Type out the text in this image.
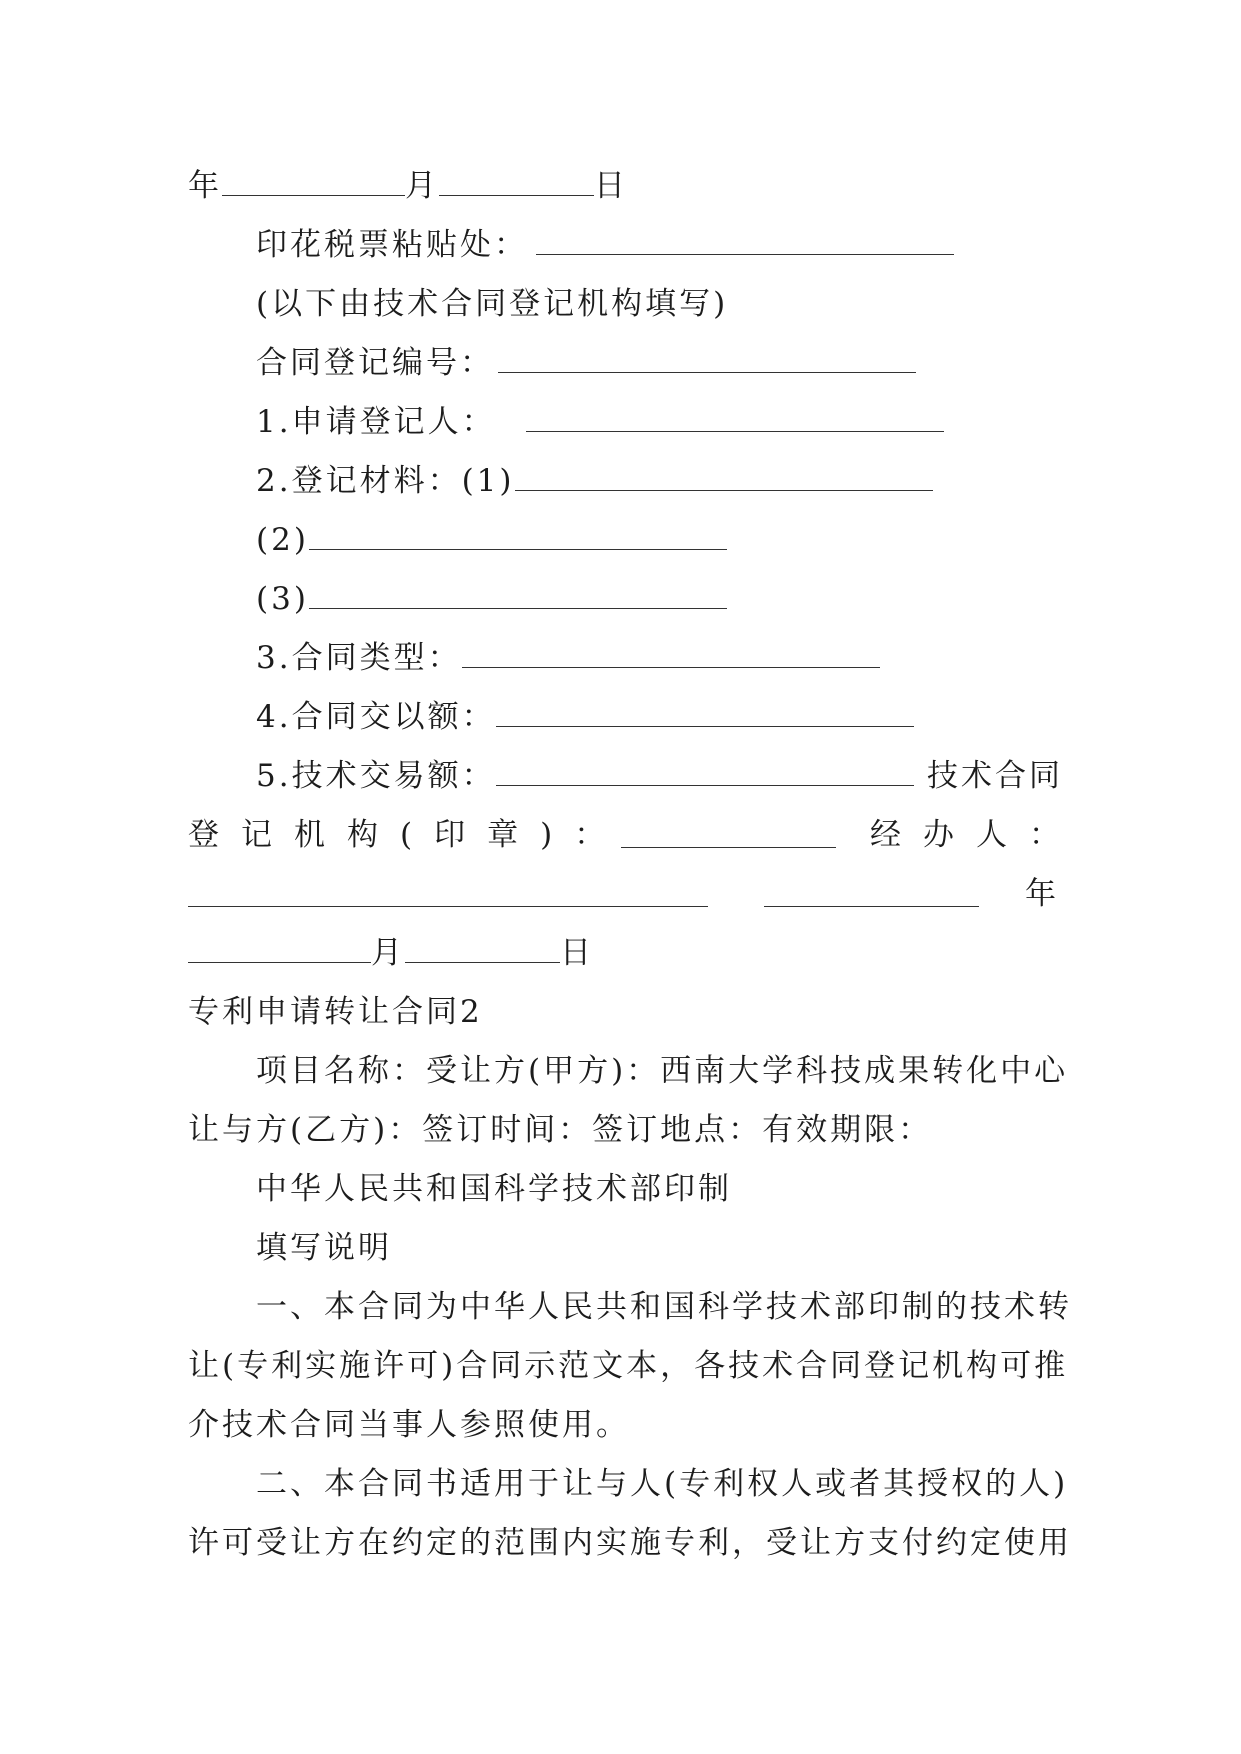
年	月	日
印花税票粘贴处：
(以下由技术合同登记机构填写)
合同登记编号：
1.申请登记人：
2.登记材料：(1)
(2)
(3)
3.合同类型：
4.合同交以额：
5.技术交易额：	技术合同
登记机构(印章)：	经办人：
年
月	日
专利申请转让合同2
项目名称：受让方(甲方)：西南大学科技成果转化中心
让与方(乙方)：签订时间：签订地点：有效期限：
中华人民共和国科学技术部印制
填写说明
一、本合同为中华人民共和国科学技术部印制的技术转
让(专利实施许可)合同示范文本，各技术合同登记机构可推
介技术合同当事人参照使用。
二、本合同书适用于让与人(专利权人或者其授权的人)
许可受让方在约定的范围内实施专利，受让方支付约定使用
